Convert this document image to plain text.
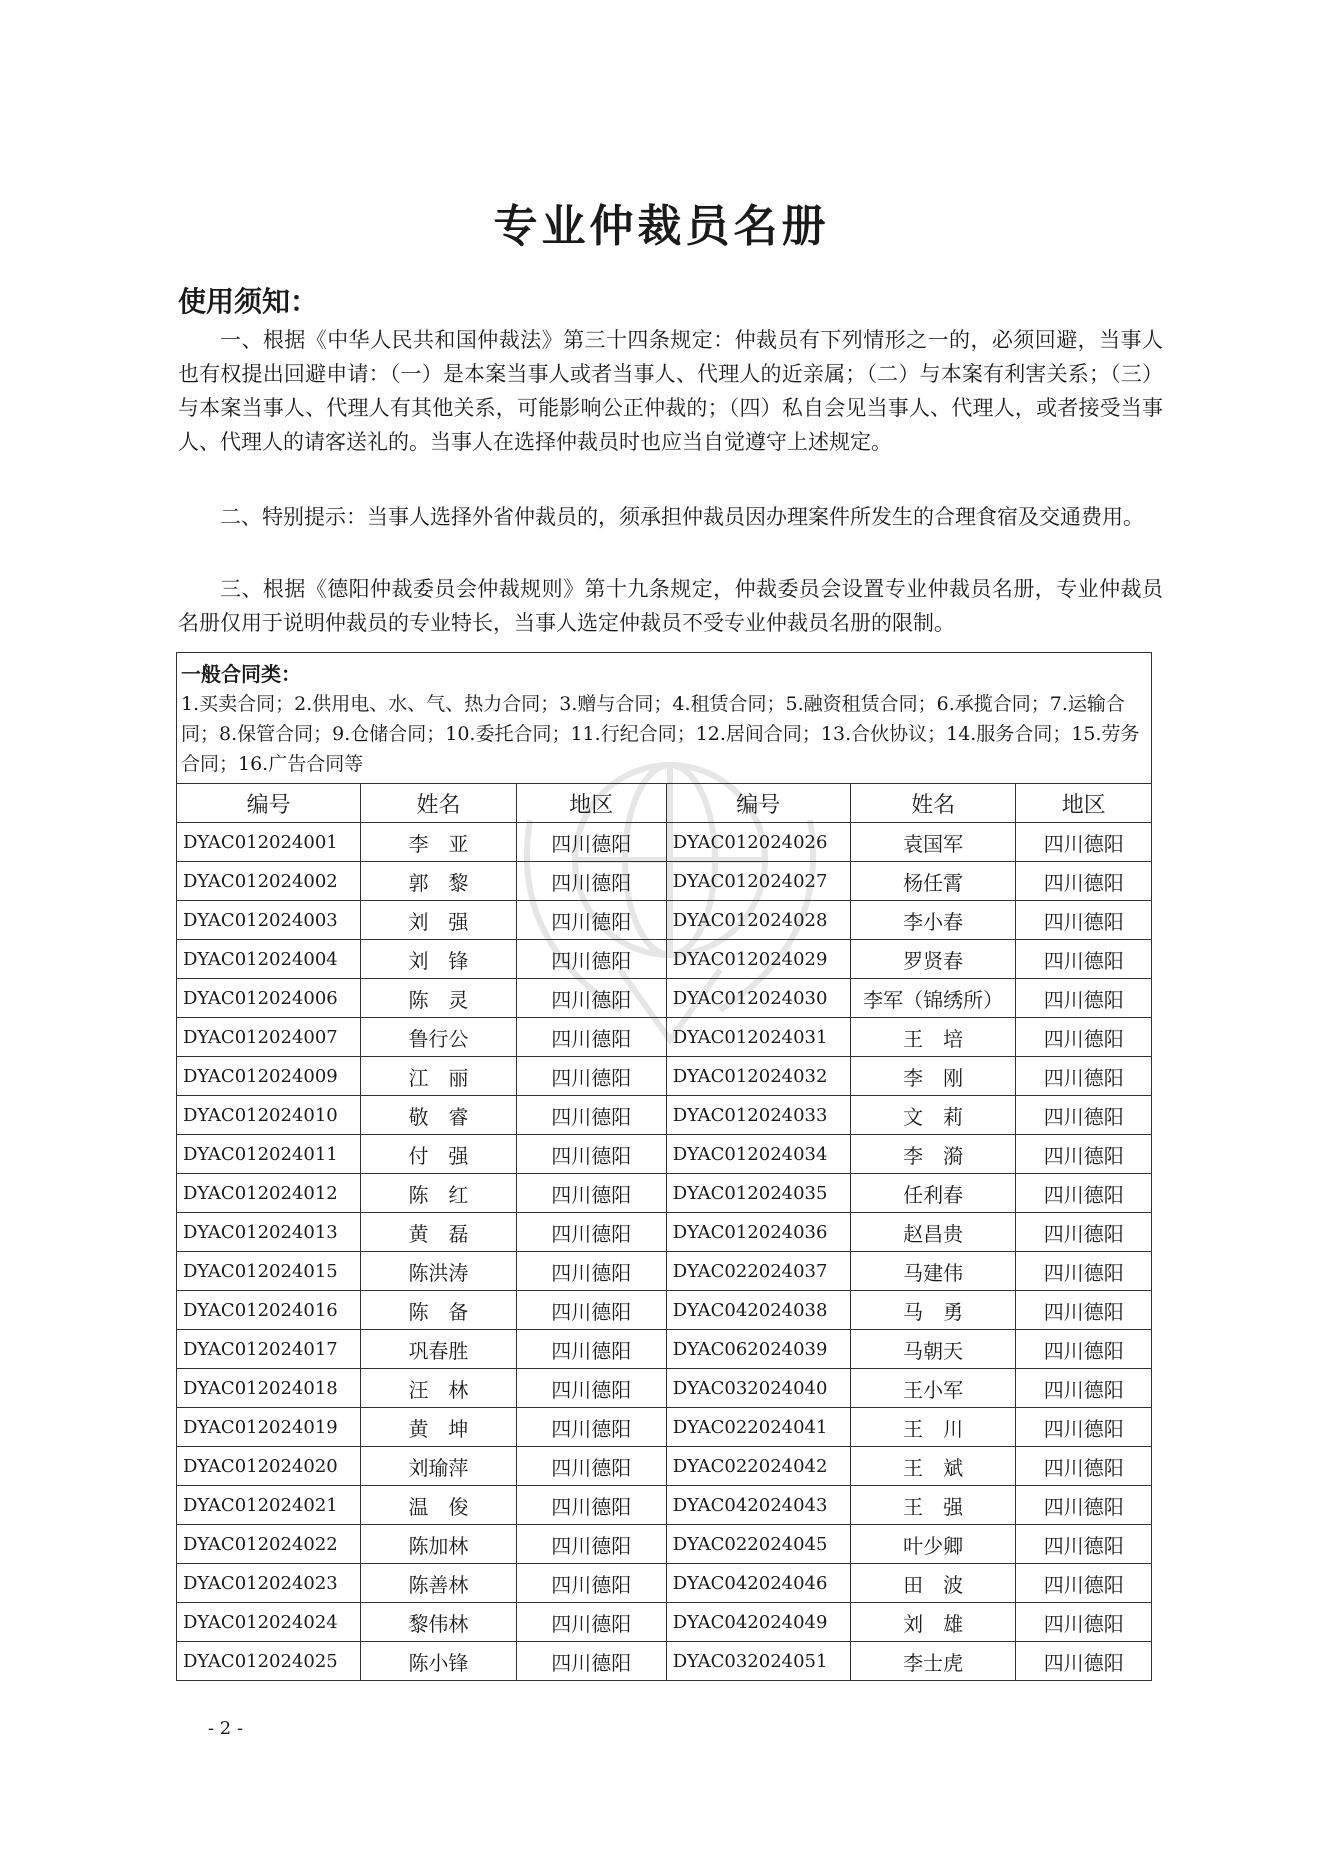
专业仲裁员名册
使用须知：

一、根据《中华人民共和国仲裁法》第三十四条规定：仲裁员有下列情形之一的，必须回避，当事人也有权提出回避申请：（一）是本案当事人或者当事人、代理人的近亲属；（二）与本案有利害关系；（三）与本案当事人、代理人有其他关系，可能影响公正仲裁的；（四）私自会见当事人、代理人，或者接受当事人、代理人的请客送礼的。当事人在选择仲裁员时也应当自觉遵守上述规定。

二、特别提示：当事人选择外省仲裁员的，须承担仲裁员因办理案件所发生的合理食宿及交通费用。

三、根据《德阳仲裁委员会仲裁规则》第十九条规定，仲裁委员会设置专业仲裁员名册，专业仲裁员名册仅用于说明仲裁员的专业特长，当事人选定仲裁员不受专业仲裁员名册的限制。

一般合同类：
1.买卖合同；2.供用电、水、气、热力合同；3.赠与合同；4.租赁合同；5.融资租赁合同；6.承揽合同；7.运输合同；8.保管合同；9.仓储合同；10.委托合同；11.行纪合同；12.居间合同；13.合伙协议；14.服务合同；15.劳务合同；16.广告合同等					

编号	姓名	地区	编号	姓名	地区
DYAC012024001	李　亚	四川德阳	DYAC012024026	袁国军	四川德阳
DYAC012024002	郭　黎	四川德阳	DYAC012024027	杨任霄	四川德阳
DYAC012024003	刘　强	四川德阳	DYAC012024028	李小春	四川德阳
DYAC012024004	刘　锋	四川德阳	DYAC012024029	罗贤春	四川德阳
DYAC012024006	陈　灵	四川德阳	DYAC012024030	李军（锦绣所）	四川德阳
DYAC012024007	鲁行公	四川德阳	DYAC012024031	王　培	四川德阳
DYAC012024009	江　丽	四川德阳	DYAC012024032	李　刚	四川德阳
DYAC012024010	敬　睿	四川德阳	DYAC012024033	文　莉	四川德阳
DYAC012024011	付　强	四川德阳	DYAC012024034	李　漪	四川德阳
DYAC012024012	陈　红	四川德阳	DYAC012024035	任利春	四川德阳
DYAC012024013	黄　磊	四川德阳	DYAC012024036	赵昌贵	四川德阳
DYAC012024015	陈洪涛	四川德阳	DYAC022024037	马建伟	四川德阳
DYAC012024016	陈　备	四川德阳	DYAC042024038	马　勇	四川德阳
DYAC012024017	巩春胜	四川德阳	DYAC062024039	马朝天	四川德阳
DYAC012024018	汪　林	四川德阳	DYAC032024040	王小军	四川德阳
DYAC012024019	黄　坤	四川德阳	DYAC022024041	王　川	四川德阳
DYAC012024020	刘瑜萍	四川德阳	DYAC022024042	王　斌	四川德阳
DYAC012024021	温　俊	四川德阳	DYAC042024043	王　强	四川德阳
DYAC012024022	陈加林	四川德阳	DYAC022024045	叶少卿	四川德阳
DYAC012024023	陈善林	四川德阳	DYAC042024046	田　波	四川德阳
DYAC012024024	黎伟林	四川德阳	DYAC042024049	刘　雄	四川德阳
DYAC012024025	陈小锋	四川德阳	DYAC032024051	李士虎	四川德阳
- 2 -
